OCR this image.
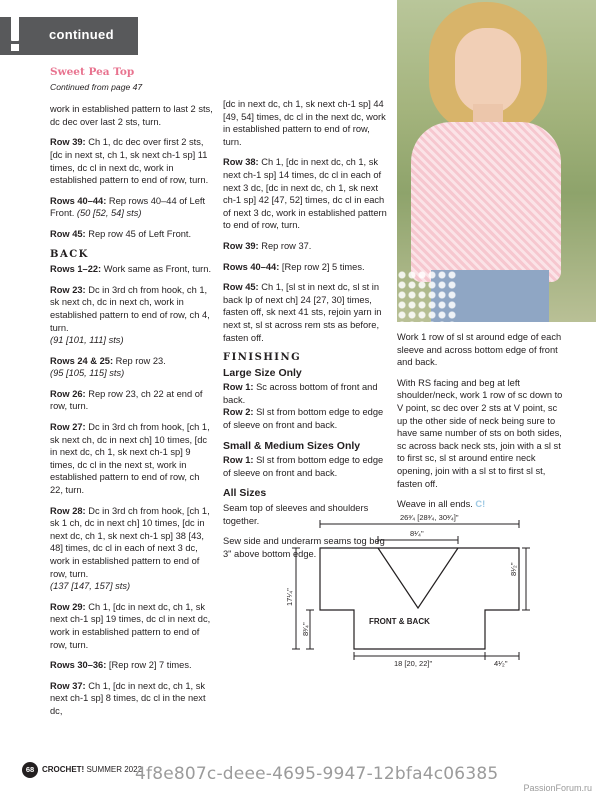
continued
Sweet Pea Top
Continued from page 47

work in established pattern to last 2 sts, dc dec over last 2 sts, turn.

Row 39: Ch 1, dc dec over first 2 sts, [dc in next st, ch 1, sk next ch-1 sp] 11 times, dc cl in next dc, work in established pattern to end of row, turn.

Rows 40–44: Rep rows 40–44 of Left Front. (50 [52, 54] sts)

Row 45: Rep row 45 of Left Front.

BACK

Rows 1–22: Work same as Front, turn.

Row 23: Dc in 3rd ch from hook, ch 1, sk next ch, dc in next ch, work in established pattern to end of row, ch 4, turn.
(91 [101, 111] sts)

Rows 24 & 25: Rep row 23.
(95 [105, 115] sts)

Row 26: Rep row 23, ch 22 at end of row, turn.

Row 27: Dc in 3rd ch from hook, [ch 1, sk next ch, dc in next ch] 10 times, [dc in next dc, ch 1, sk next ch-1 sp] 9 times, dc cl in the next st, work in established pattern to end of row, ch 22, turn.

Row 28: Dc in 3rd ch from hook, [ch 1, sk 1 ch, dc in next ch] 10 times, [dc in next dc, ch 1, sk next ch-1 sp] 38 [43, 48] times, dc cl in each of next 3 dc, work in established pattern to end of row, turn.
(137 [147, 157] sts)

Row 29: Ch 1, [dc in next dc, ch 1, sk next ch-1 sp] 19 times, dc cl in next dc, work in established pattern to end of row, turn.

Rows 30–36: [Rep row 2] 7 times.

Row 37: Ch 1, [dc in next dc, ch 1, sk next ch-1 sp] 8 times, dc cl in the next dc,

[dc in next dc, ch 1, sk next ch-1 sp] 44 [49, 54] times, dc cl in the next dc, work in established pattern to end of row, turn.

Row 38: Ch 1, [dc in next dc, ch 1, sk next ch-1 sp] 14 times, dc cl in each of next 3 dc, [dc in next dc, ch 1, sk next ch-1 sp] 42 [47, 52] times, dc cl in each of next 3 dc, work in established pattern to end of row, turn.

Row 39: Rep row 37.

Rows 40–44: [Rep row 2] 5 times.

Row 45: Ch 1, [sl st in next dc, sl st in back lp of next ch] 24 [27, 30] times, fasten off, sk next 41 sts, rejoin yarn in next st, sl st across rem sts as before, fasten off.

FINISHING
Large Size Only

Row 1: Sc across bottom of front and back.

Row 2: Sl st from bottom edge to edge of sleeve on front and back.

Small & Medium Sizes Only

Row 1: Sl st from bottom edge to edge of sleeve on front and back.

All Sizes

Seam top of sleeves and shoulders together.

Sew side and underarm seams tog beg 3" above bottom edge.

Work 1 row of sl st around edge of each sleeve and across bottom edge of front and back.

With RS facing and beg at left shoulder/neck, work 1 row of sc down to V point, sc dec over 2 sts at V point, sc up the other side of neck being sure to have same number of sts on both sides, sc across back neck sts, join with a sl st to first sc, sl st around entire neck opening, join with a sl st to first sl st, fasten off.

Weave in all ends. C!

26³⁄₄ [28³⁄₄, 30³⁄₄]"
8¹⁄₄"
8¹⁄₂"
17¹⁄₄"
8³⁄₄"
FRONT & BACK
18 [20, 22]"	4¹⁄₂"
68 CROCHET! SUMMER 2022
4f8e807c-deee-4695-9947-12bfa4c06385
PassionForum.ru
